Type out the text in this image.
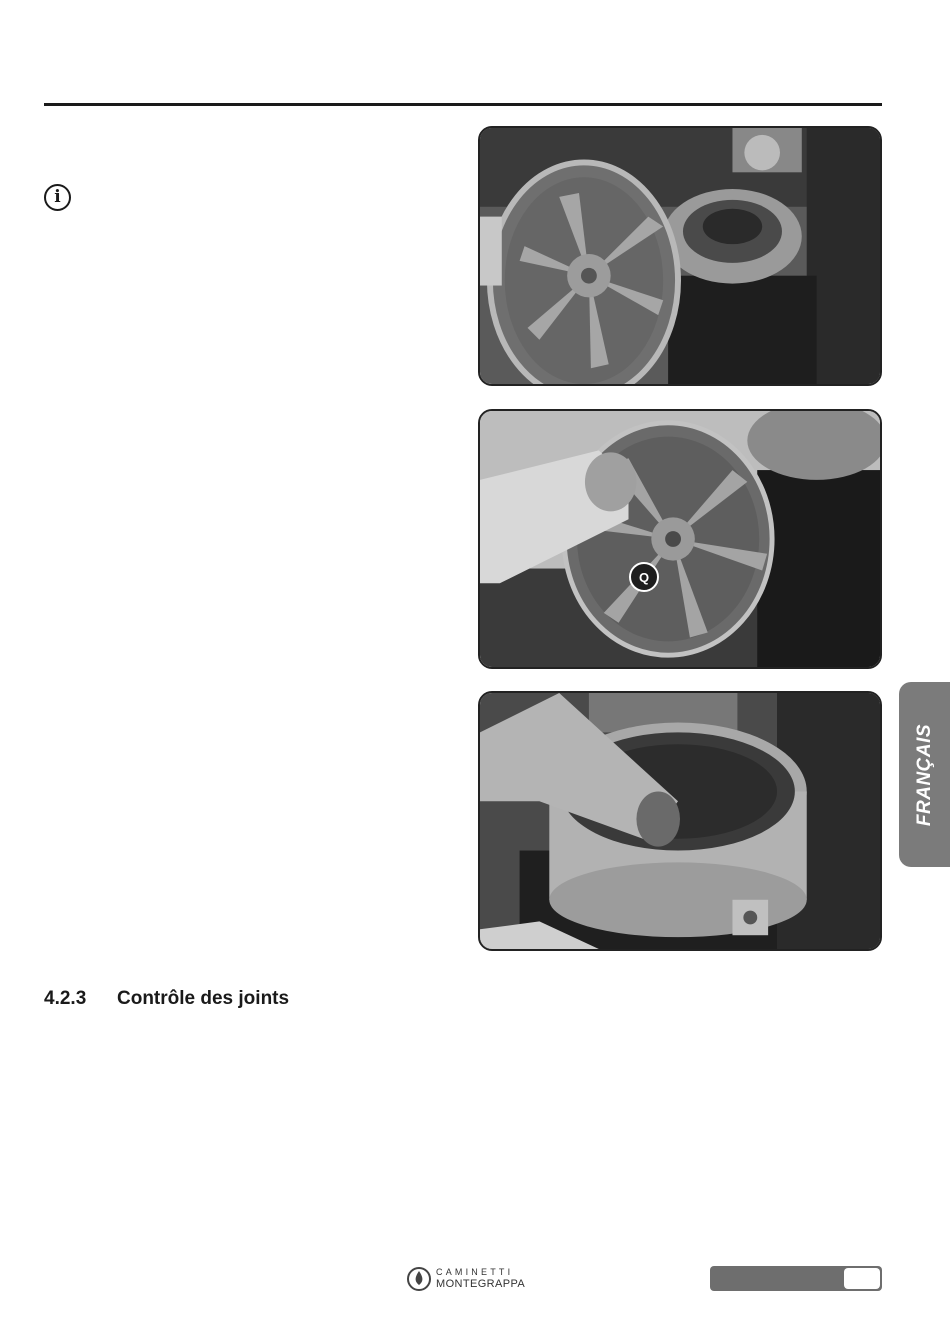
i
Q
4.2.3	Contrôle des joints
FRANÇAIS
CAMINETTI
MONTEGRAPPA
